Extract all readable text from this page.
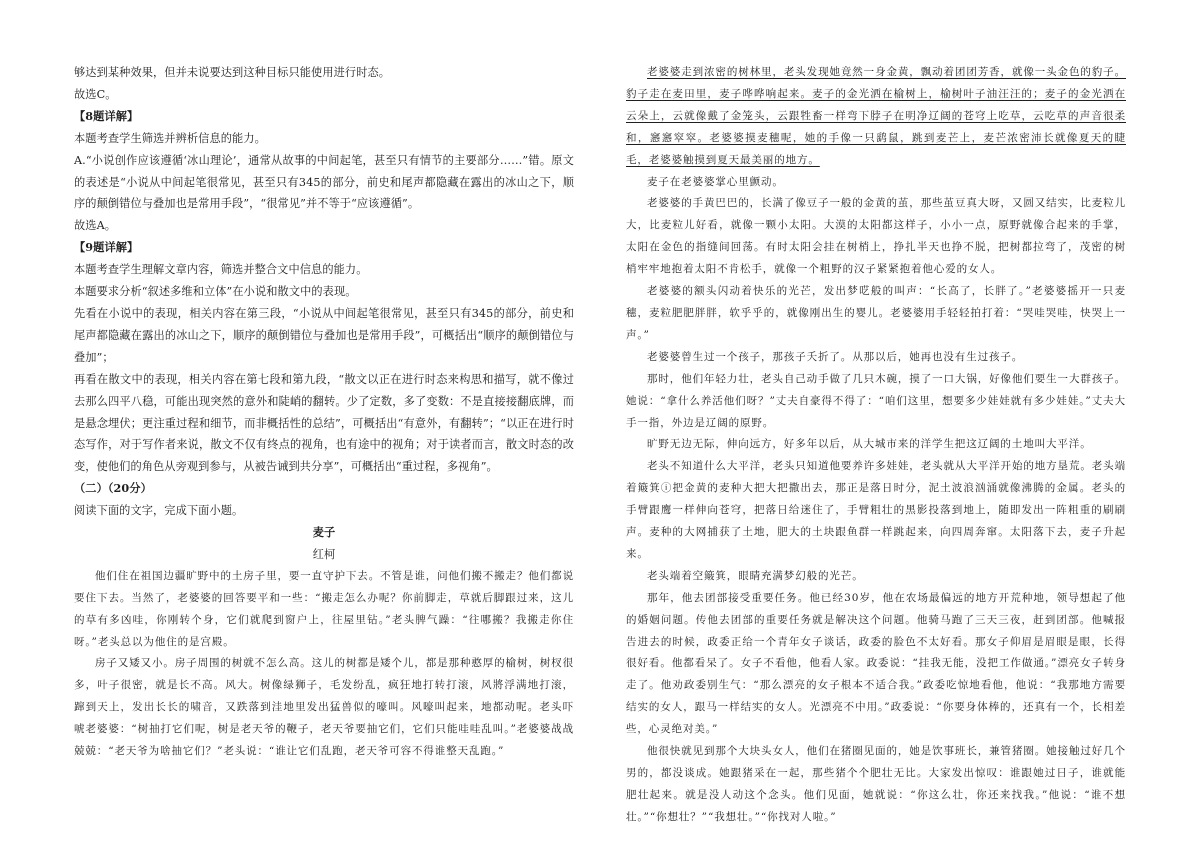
够达到某种效果，但并未说要达到这种目标只能使用进行时态。

故选C。

【8题详解】

本题考查学生筛选并辨析信息的能力。

A.“小说创作应该遵循‘冰山理论’，通常从故事的中间起笔，甚至只有情节的主要部分……”错。原文的表述是“小说从中间起笔很常见，甚至只有345的部分，前史和尾声都隐藏在露出的冰山之下，顺序的颠倒错位与叠加也是常用手段”，“很常见”并不等于“应该遵循”。

故选A。

【9题详解】

本题考查学生理解文章内容，筛选并整合文中信息的能力。

本题要求分析“叙述多维和立体”在小说和散文中的表现。

先看在小说中的表现，相关内容在第三段，“小说从中间起笔很常见，甚至只有345的部分，前史和尾声都隐藏在露出的冰山之下，顺序的颠倒错位与叠加也是常用手段”，可概括出“顺序的颠倒错位与叠加”；

再看在散文中的表现，相关内容在第七段和第九段，“散文以正在进行时态来构思和描写，就不像过去那么四平八稳，可能出现突然的意外和陡峭的翻转。少了定数，多了变数：不是直接接翻底牌，而是悬念埋伏；更注重过程和细节，而非概括性的总结”，可概括出“有意外，有翻转”；“以正在进行时态写作，对于写作者来说，散文不仅有终点的视角，也有途中的视角；对于读者而言，散文时态的改变，使他们的角色从旁观到参与，从被告诫到共分享”，可概括出“重过程，多视角”。

（二）（20分）

阅读下面的文字，完成下面小题。

麦子

红柯

他们住在祖国边疆旷野中的土房子里，要一直守护下去。不管是谁，问他们搬不搬走？他们都说要住下去。当然了，老婆婆的回答要平和一些：“搬走怎么办呢？你前脚走，草就后脚跟过来，这儿的草有多凶哇，你刚转个身，它们就爬到窗户上，往屋里钻。”老头脾气躁：“往哪搬？我搬走你住呀。”老头总以为他住的是宫殿。

房子又矮又小。房子周围的树就不怎么高。这儿的树都是矮个儿，都是那种憨厚的榆树，树杈很多，叶子很密，就是长不高。风大。树像绿狮子，毛发纷乱，疯狂地打转打滚，风將浮满地打滚，蹿到天上，发出长长的啸音，又跌落到洼地里发出猛兽似的嚎叫。风嚎叫起来，地都动呢。老头吓唬老婆婆：“树抽打它们呢，树是老天爷的鞭子，老天爷要抽它们，它们只能哇哇乱叫。”老婆婆战战兢兢：“老天爷为啥抽它们？”老头说：“谁让它们乱跑，老天爷可容不得谁整天乱跑。”

老婆婆走到浓密的树林里，老头发现她竟然一身金黄，飘动着团团芳香，就像一头金色的豹子。豹子走在麦田里，麦子哗哗响起来。麦子的金光洒在榆树上，榆树叶子油汪汪的；麦子的金光洒在云朵上，云就像戴了金笼头，云跟牲畜一样弯下脖子在明净辽阔的苍穹上吃草，云吃草的声音很柔和，窸窸窣窣。老婆婆摸麦穗呢，她的手像一只鹞鼠，跳到麦芒上，麦芒浓密沛长就像夏天的睫毛，老婆婆触摸到夏天最美丽的地方。

麦子在老婆婆掌心里颤动。

老婆婆的手黄巴巴的，长满了像豆子一般的金黄的茧，那些茧豆真大呀，又圆又结实，比麦粒儿大，比麦粒儿好看，就像一颗小太阳。大漠的太阳都这样子，小小一点，原野就像合起来的手掌，太阳在金色的指缝间回荡。有时太阳会挂在树梢上，挣扎半天也挣不脱，把树都拉弯了，茂密的树梢牢牢地抱着太阳不肯松手，就像一个粗野的汉子紧紧抱着他心爱的女人。

老婆婆的额头闪动着快乐的光芒，发出梦呓般的叫声：“长高了，长胖了。”老婆婆摇开一只麦穗，麦粒肥肥胖胖，软乎乎的，就像刚出生的婴儿。老婆婆用手轻轻拍打着：“哭哇哭哇，快哭上一声。”

老婆婆曾生过一个孩子，那孩子夭折了。从那以后，她再也没有生过孩子。

那时，他们年轻力壮，老头自己动手做了几只木碗，摸了一口大锅，好像他们要生一大群孩子。她说：“拿什么养活他们呀？”丈夫自豪得不得了：“咱们这里，想要多少娃娃就有多少娃娃。”丈夫大手一指，外边是辽阔的原野。

旷野无边无际，伸向远方，好多年以后，从大城市来的洋学生把这辽阔的土地叫大平洋。

老头不知道什么大平洋，老头只知道他要养许多娃娃，老头就从大平洋开始的地方垦荒。老头端着簸箕ⓘ把金黄的麦种大把大把撒出去，那正是落日时分，泥土波浪汹涌就像沸腾的金属。老头的手臂跟鹰一样伸向苍穹，把落日给迷住了，手臂粗壮的黑影投落到地上，随即发出一阵粗重的刷刷声。麦种的大网捕获了土地，肥大的土块跟鱼群一样跳起来，向四周奔窜。太阳落下去，麦子升起来。

老头端着空簸箕，眼睛充满梦幻般的光芒。

那年，他去团部接受重要任务。他已经30岁，他在农场最偏远的地方开荒种地，领导想起了他的婚姻问题。传他去团部的重要任务就是解决这个问题。他骑马跑了三天三夜，赶到团部。他喊报告进去的时候，政委正给一个青年女子谈话，政委的脸色不太好看。那女子仰眉是眉眼是眼，长得很好看。他都看呆了。女子不看他，他看人家。政委说：“挂我无能，没把工作做通。”漂亮女子转身走了。他劝政委别生气：“那么漂亮的女子根本不适合我。”政委吃惊地看他，他说：“我那地方需要结实的女人，跟马一样结实的女人。光漂亮不中用。”政委说：“你要身体棒的，还真有一个，长相差些，心灵绝对美。”

他很快就见到那个大块头女人，他们在猪圈见面的，她是饮事班长，兼管猪圈。她接触过好几个男的，都没谈成。她跟猪采在一起，那些猪个个肥壮无比。大家发出惊叹：谁跟她过日子，谁就能肥壮起来。就是没人动这个念头。他们见面，她就说：“你这么壮，你还来找我。”他说：“谁不想壮。”“你想壮？”“我想壮。”“你找对人啦。”
